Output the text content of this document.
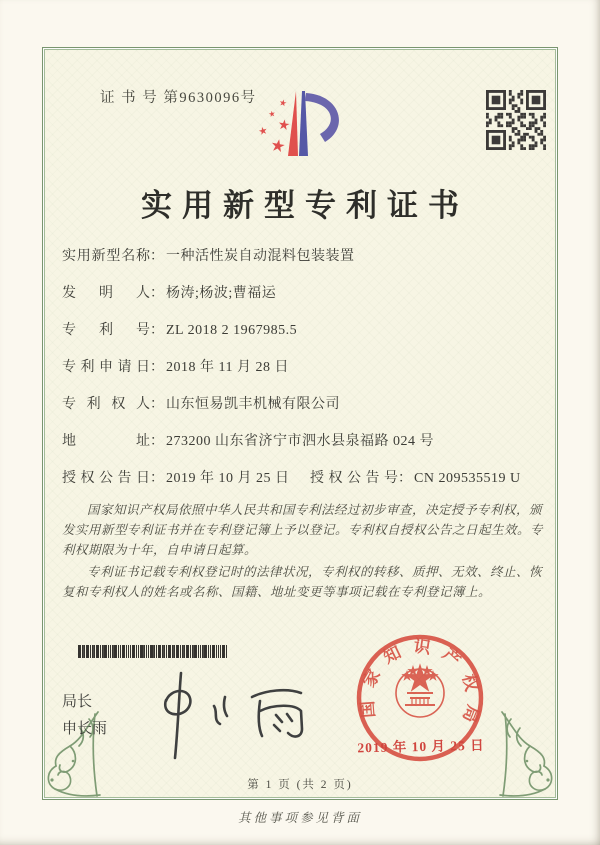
证 书 号 第9630096号
实用新型专利证书
实用新型名称 ： 一种活性炭自动混料包装装置
发明人 ： 杨涛;杨波;曹福运
专利号 ： ZL 2018 2 1967985.5
专利申请日 ： 2018 年 11 月 28 日
专利权人 ： 山东恒易凯丰机械有限公司
地址 ： 273200 山东省济宁市泗水县泉福路 024 号
授权公告日 ： 2019 年 10 月 25 日	授权公告号 ： CN 209535519 U

国家知识产权局依照中华人民共和国专利法经过初步审查，决定授予专利权，颁发实用新型专利证书并在专利登记簿上予以登记。专利权自授权公告之日起生效。专利权期限为十年，自申请日起算。

专利证书记载专利权登记时的法律状况，专利权的转移、质押、无效、终止、恢复和专利权人的姓名或名称、国籍、地址变更等事项记载在专利登记簿上。

局长
申长雨
国家知识产权局
2019 年 10 月 25 日
第 1 页 (共 2 页)
其他事项参见背面
